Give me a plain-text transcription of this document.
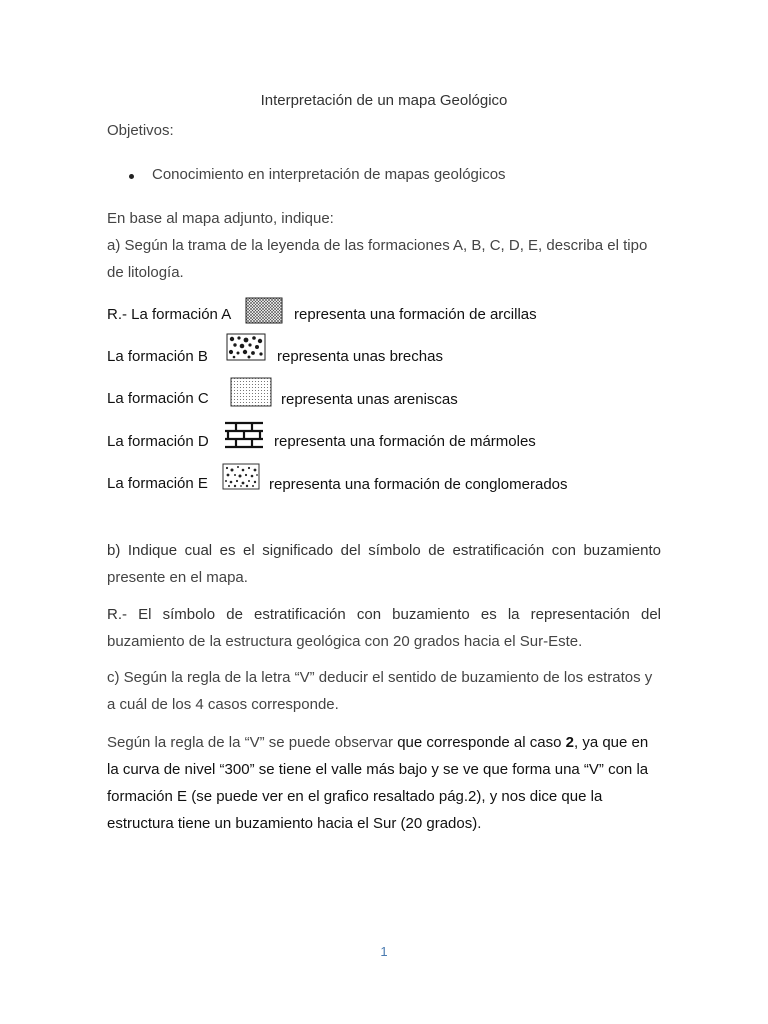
Interpretación de un mapa Geológico
Objetivos:
Conocimiento en interpretación de mapas geológicos
En base al mapa adjunto, indique:
a) Según la trama de la leyenda de las formaciones A, B, C, D, E, describa el tipo
de litología.
R.- La formación A	representa una formación de arcillas
La formación B	representa unas brechas
La formación C	representa unas areniscas
La formación D	representa una formación de mármoles
La formación E	representa una formación de conglomerados
b) Indique cual es el significado del símbolo de estratificación con buzamiento
presente en el mapa.
R.- El símbolo de estratificación con buzamiento es la representación del
buzamiento de la estructura geológica con 20 grados hacia el Sur-Este.
c) Según la regla de la letra “V” deducir el sentido de buzamiento de los estratos y
a cuál de los 4 casos corresponde.
Según la regla de la “V” se puede observar que corresponde al caso 2, ya que en
la curva de nivel “300” se tiene el valle más bajo y se ve que forma una “V” con la
formación E (se puede ver en el grafico resaltado pág.2), y nos dice que la
estructura tiene un buzamiento hacia el Sur (20 grados).
1
